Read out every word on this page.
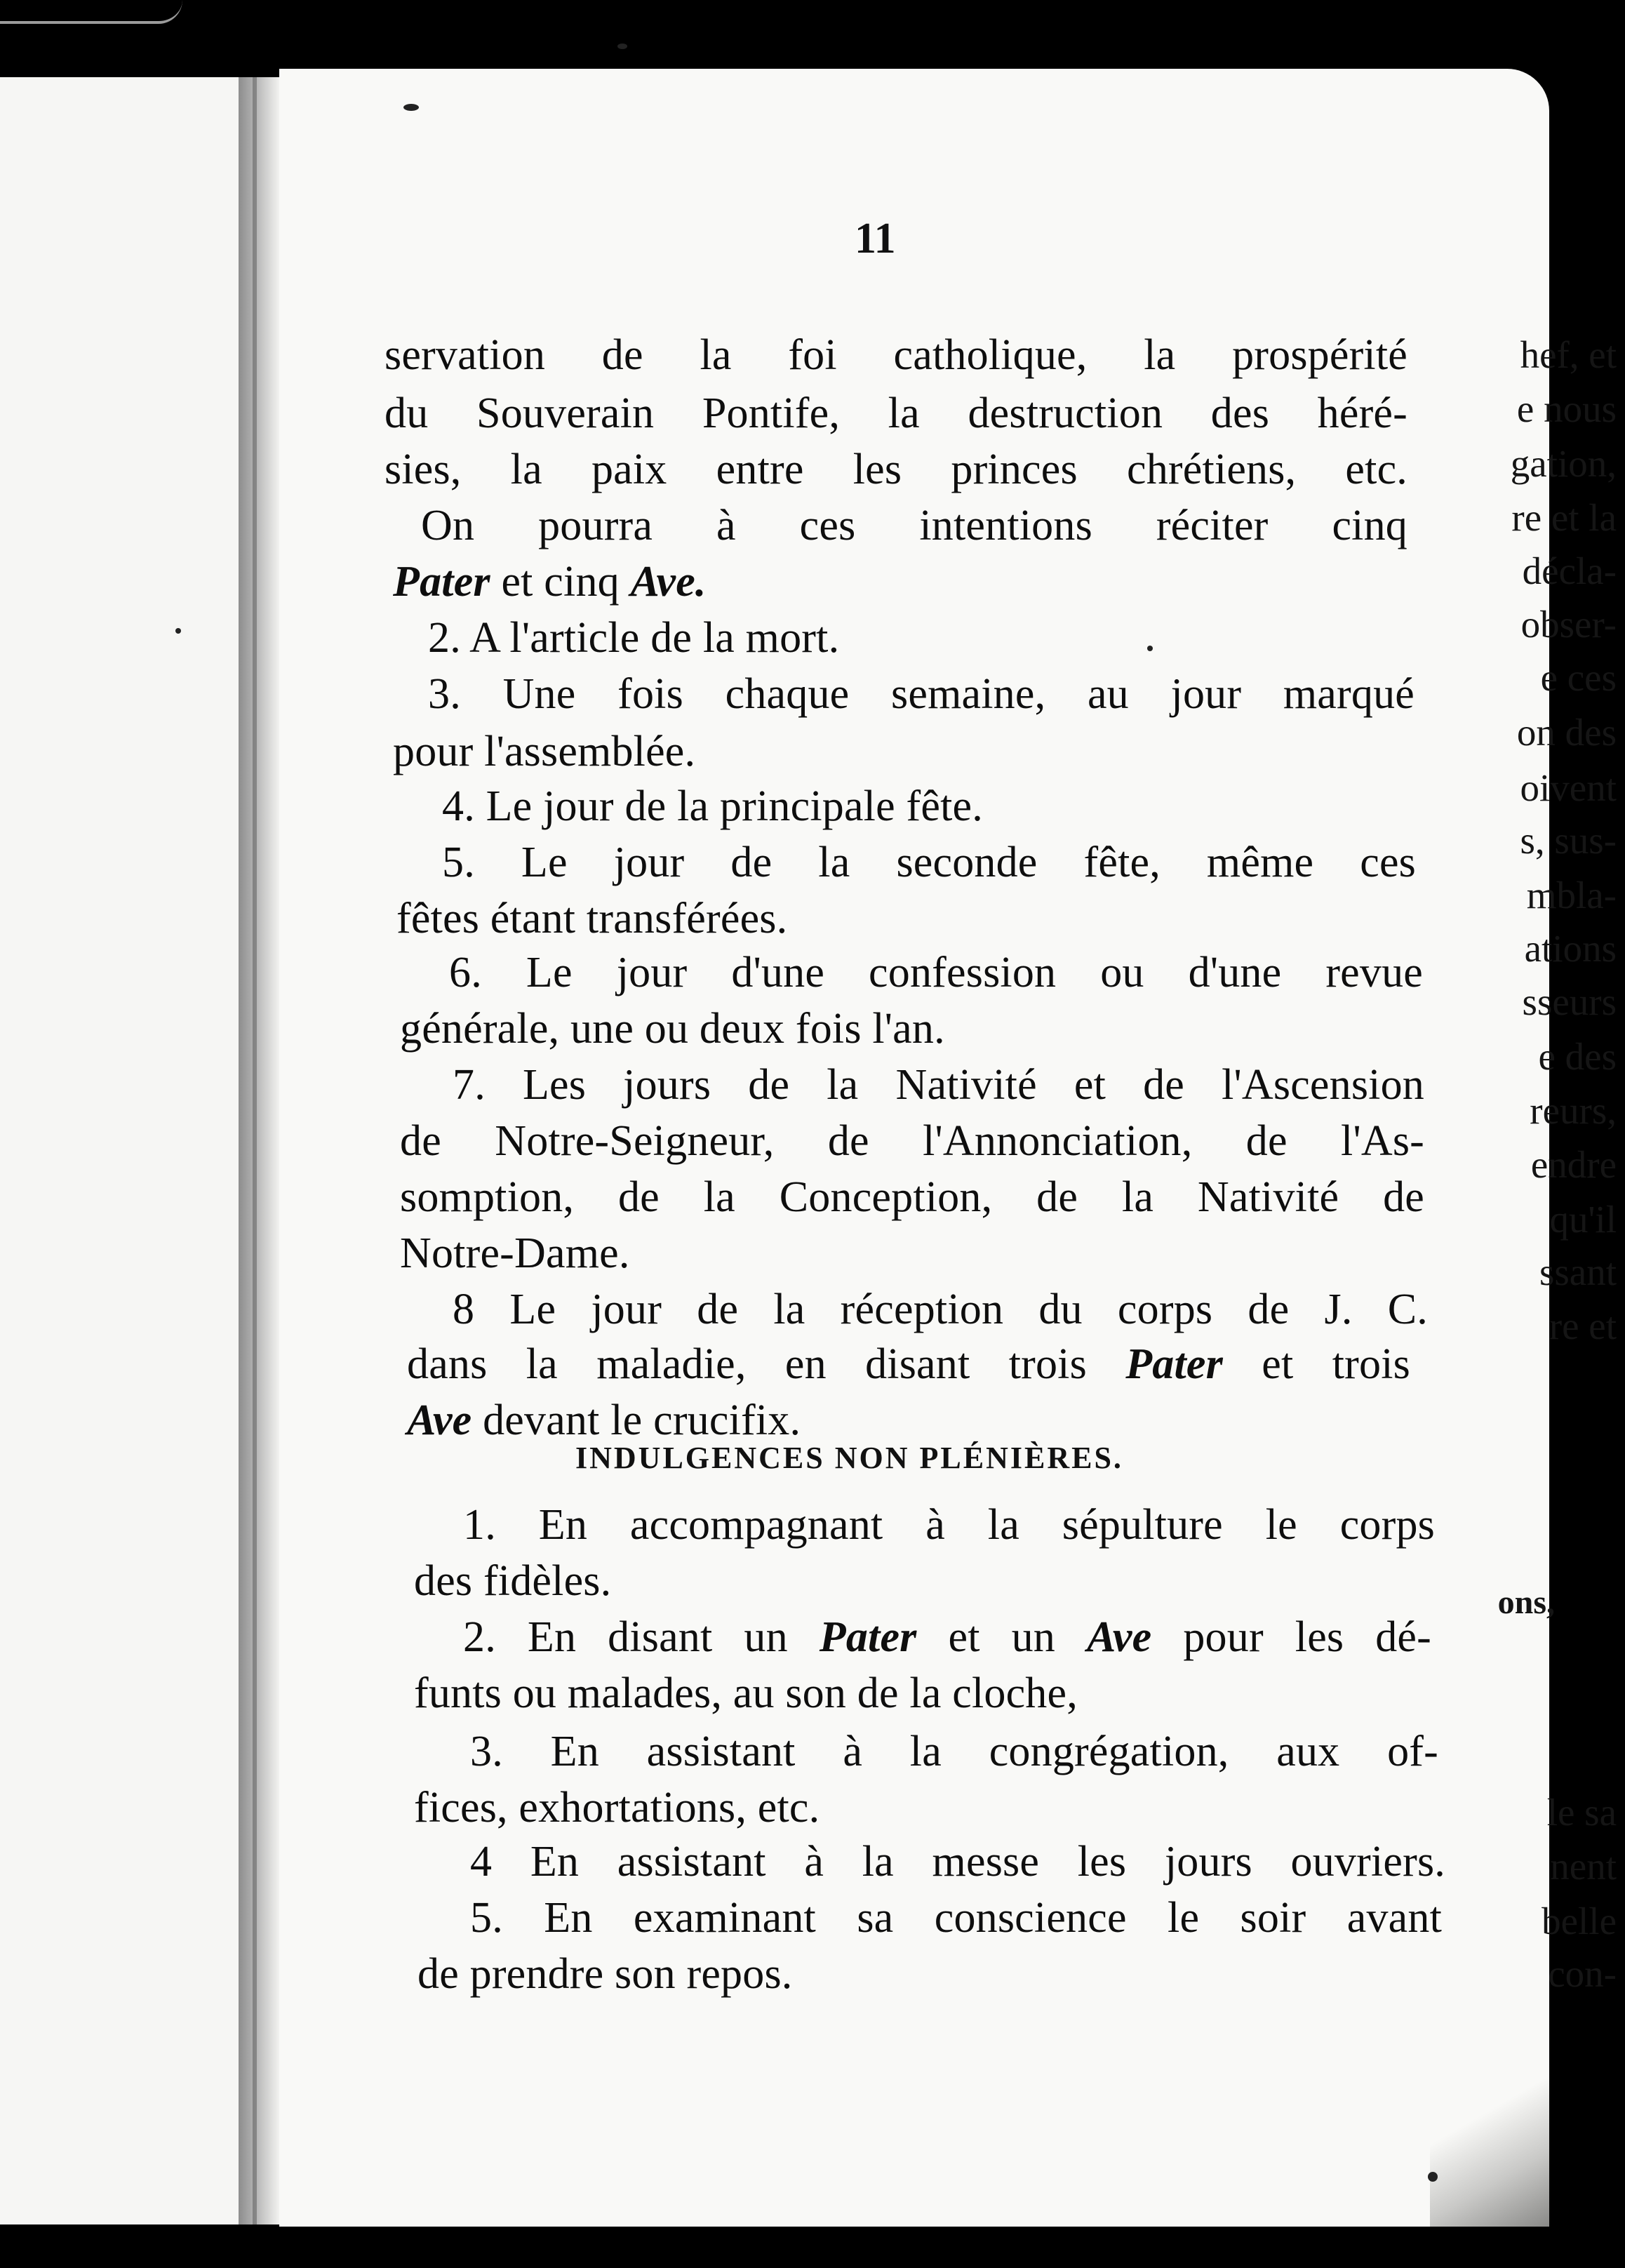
hef, et
e nous
gation,
re et la
décla-
obser-
e ces
on des
oivent
s, sus-
mbla-
ations
sseurs
e des
reurs,
endre
qu'il
ssant
re et
ons,
le sa
nent
belle
con-
11
servation de la foi catholique, la prospérité
du Souverain Pontife, la destruction des héré-
sies, la paix entre les princes chrétiens, etc.
On pourra à ces intentions réciter cinq
Pater et cinq Ave.
2. A l'article de la mort.
3. Une fois chaque semaine, au jour marqué
pour l'assemblée.
4. Le jour de la principale fête.
5. Le jour de la seconde fête, même ces
fêtes étant transférées.
6. Le jour d'une confession ou d'une revue
générale, une ou deux fois l'an.
7. Les jours de la Nativité et de l'Ascension
de Notre-Seigneur, de l'Annonciation, de l'As-
somption, de la Conception, de la Nativité de
Notre-Dame.
8 Le jour de la réception du corps de J. C.
dans la maladie, en disant trois Pater et trois
Ave devant le crucifix.
1. En accompagnant à la sépulture le corps
des fidèles.
2. En disant un Pater et un Ave pour les dé-
funts ou malades, au son de la cloche,
3. En assistant à la congrégation, aux of-
fices, exhortations, etc.
4 En assistant à la messe les jours ouvriers.
5. En examinant sa conscience le soir avant
de prendre son repos.
INDULGENCES NON PLÉNIÈRES.
